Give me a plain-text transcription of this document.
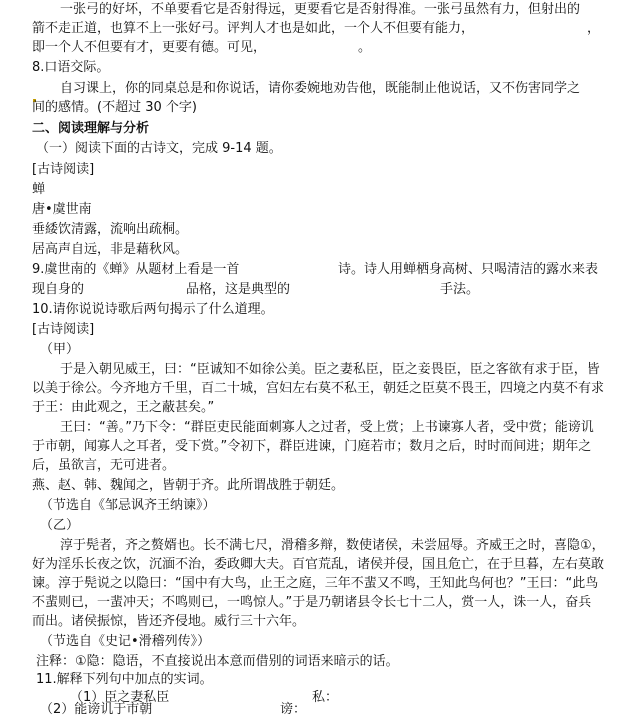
一张弓的好坏，不单要看它是否射得远，更要看它是否射得准。一张弓虽然有力，但射出的
箭不走正道，也算不上一张好弓。评判人才也是如此，一个人不但要有能力，	，
即一个人不但要有才，更要有德。可见，	。
8.口语交际。
自习课上，你的同桌总是和你说话，请你委婉地劝告他，既能制止他说话，又不伤害同学之
间的感情。(不超过 30 个字)
二、阅读理解与分析
（一）阅读下面的古诗文，完成 9-14 题。
[古诗阅读]
蝉
唐•虞世南
垂緌饮清露，流响出疏桐。
居高声自远，非是藉秋风。
9.虞世南的《蝉》从题材上看是一首	诗。诗人用蝉栖身高树、只喝清洁的露水来表
现自身的	品格，这是典型的	手法。
10.请你说说诗歌后两句揭示了什么道理。
[古诗阅读]
（甲）
于是入朝见威王，曰：“臣诚知不如徐公美。臣之妻私臣，臣之妾畏臣，臣之客欲有求于臣，皆
以美于徐公。今齐地方千里，百二十城，宫妇左右莫不私王，朝廷之臣莫不畏王，四境之内莫不有求
于王：由此观之，王之蔽甚矣。”
王曰：“善。”乃下令：“群臣吏民能面刺寡人之过者，受上赏；上书谏寡人者，受中赏；能谤讥
于市朝，闻寡人之耳者，受下赏。”令初下，群臣进谏，门庭若市；数月之后，时时而间进；期年之
后，虽欲言，无可进者。
燕、赵、韩、魏闻之，皆朝于齐。此所谓战胜于朝廷。
（节选自《邹忌讽齐王纳谏》）
（乙）
淳于髡者，齐之赘婿也。长不满七尺，滑稽多辩，数使诸侯，未尝屈辱。齐威王之时，喜隐①，
好为淫乐长夜之饮，沉湎不治，委政卿大夫。百官荒乱，诸侯并侵，国且危亡，在于旦暮，左右莫敢
谏。淳于髡说之以隐曰：“国中有大鸟，止王之庭，三年不蜚又不鸣，王知此鸟何也？”王曰：“此鸟
不蜚则已，一蜚冲天；不鸣则已，一鸣惊人。”于是乃朝诸县令长七十二人，赏一人，诛一人，奋兵
而出。诸侯振惊，皆还齐侵地。威行三十六年。
（节选自《史记•滑稽列传》）
注释：①隐：隐语，不直接说出本意而借别的词语来暗示的话。
11.解释下列句中加点的实词。
（1）臣之妻私臣	私：
（2）能谤讥于市朝	谤：
